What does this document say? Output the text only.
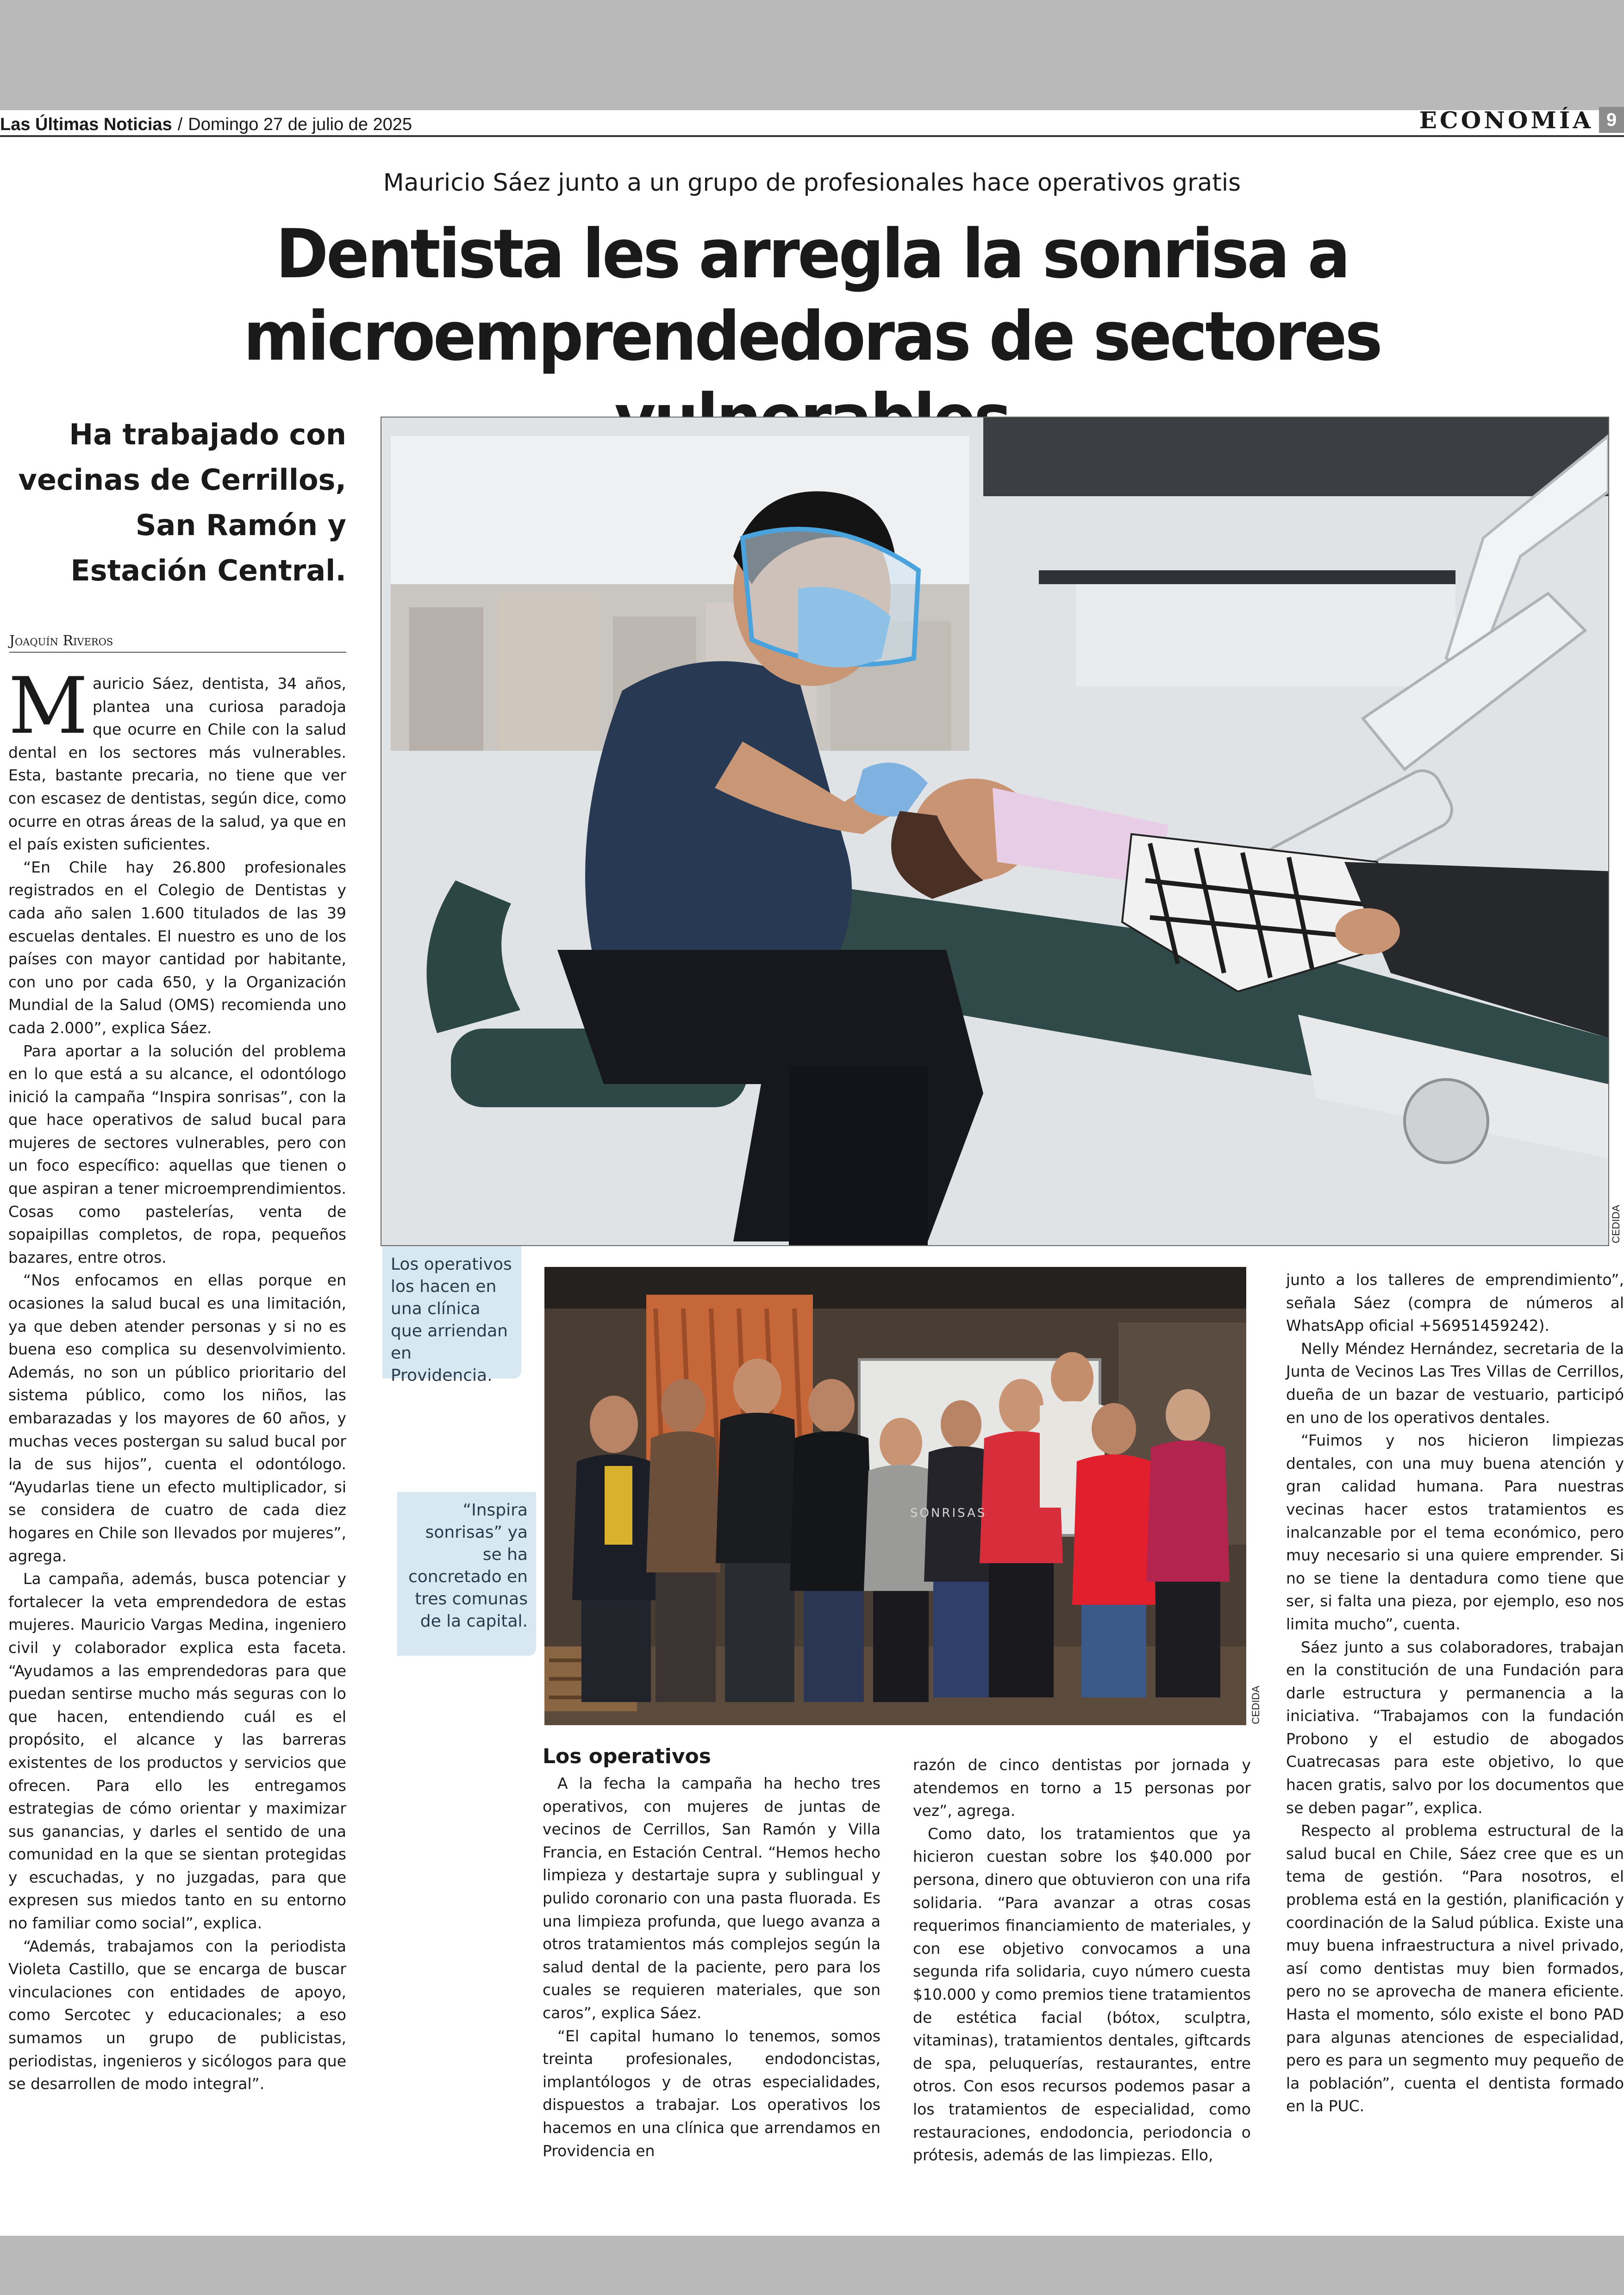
Las Últimas Noticias / Domingo 27 de julio de 2025	ECONOMÍA 9
Mauricio Sáez junto a un grupo de profesionales hace operativos gratis
Dentista les arregla la sonrisa a
microemprendedoras de sectores
Ha trabajado con vecinas de Cerrillos, San Ramón y Estación Central.
Joaquín Riveros

Mauricio Sáez, dentista, 34 años, plantea una curiosa paradoja que ocurre en Chile con la salud dental en los sectores más vulnerables. Esta, bastante precaria, no tiene que ver con escasez de dentistas, según dice, como ocurre en otras áreas de la salud, ya que en el país existen suficientes.

“En Chile hay 26.800 profesionales registrados en el Colegio de Dentistas y cada año salen 1.600 titulados de las 39 escuelas dentales. El nuestro es uno de los países con mayor cantidad por habitante, con uno por cada 650, y la Organización Mundial de la Salud (OMS) recomienda uno cada 2.000”, explica Sáez.

Para aportar a la solución del problema en lo que está a su alcance, el odontólogo inició la campaña “Inspira sonrisas”, con la que hace operativos de salud bucal para mujeres de sectores vulnerables, pero con un foco específico: aquellas que tienen o que aspiran a tener microemprendimientos. Cosas como pastelerías, venta de sopaipillas completos, de ropa, pequeños bazares, entre otros.

“Nos enfocamos en ellas porque en ocasiones la salud bucal es una limitación, ya que deben atender personas y si no es buena eso complica su desenvolvimiento. Además, no son un público prioritario del sistema público, como los niños, las embarazadas y los mayores de 60 años, y muchas veces postergan su salud bucal por la de sus hijos”, cuenta el odontólogo. “Ayudarlas tiene un efecto multiplicador, si se considera de cuatro de cada diez hogares en Chile son llevados por mujeres”, agrega.

La campaña, además, busca potenciar y fortalecer la veta emprendedora de estas mujeres. Mauricio Vargas Medina, ingeniero civil y colaborador explica esta faceta. “Ayudamos a las emprendedoras para que puedan sentirse mucho más seguras con lo que hacen, entendiendo cuál es el propósito, el alcance y las barreras existentes de los productos y servicios que ofrecen. Para ello les entregamos estrategias de cómo orientar y maximizar sus ganancias, y darles el sentido de una comunidad en la que se sientan protegidas y escuchadas, y no juzgadas, para que expresen sus miedos tanto en su entorno no familiar como social”, explica.

“Además, trabajamos con la periodista Violeta Castillo, que se encarga de buscar vinculaciones con entidades de apoyo, como Sercotec y educacionales; a eso sumamos un grupo de publicistas, periodistas, ingenieros y sicólogos para que se desarrollen de modo integral”.

CEDIDA
Los operativos los hacen en una clínica que arriendan en Providencia.
“Inspira sonrisas” ya se ha concretado en tres comunas de la capital.
SONRISAS
CEDIDA
Los operativos

A la fecha la campaña ha hecho tres operativos, con mujeres de juntas de vecinos de Cerrillos, San Ramón y Villa Francia, en Estación Central. “Hemos hecho limpieza y destartaje supra y sublingual y pulido coronario con una pasta fluorada. Es una limpieza profunda, que luego avanza a otros tratamientos más complejos según la salud dental de la paciente, pero para los cuales se requieren materiales, que son caros”, explica Sáez.

“El capital humano lo tenemos, somos treinta profesionales, endodoncistas, implantólogos y de otras especialidades, dispuestos a trabajar. Los operativos los hacemos en una clínica que arrendamos en Providencia en

razón de cinco dentistas por jornada y atendemos en torno a 15 personas por vez”, agrega.

Como dato, los tratamientos que ya hicieron cuestan sobre los $40.000 por persona, dinero que obtuvieron con una rifa solidaria. “Para avanzar a otras cosas requerimos financiamiento de materiales, y con ese objetivo convocamos a una segunda rifa solidaria, cuyo número cuesta $10.000 y como premios tiene tratamientos de estética facial (bótox, sculptra, vitaminas), tratamientos dentales, giftcards de spa, peluquerías, restaurantes, entre otros. Con esos recursos podemos pasar a los tratamientos de especialidad, como restauraciones, endodoncia, periodoncia o prótesis, además de las limpiezas. Ello,

junto a los talleres de emprendimiento”, señala Sáez (compra de números al WhatsApp oficial +56951459242).

Nelly Méndez Hernández, secretaria de la Junta de Vecinos Las Tres Villas de Cerrillos, dueña de un bazar de vestuario, participó en uno de los operativos dentales.

“Fuimos y nos hicieron limpiezas dentales, con una muy buena atención y gran calidad humana. Para nuestras vecinas hacer estos tratamientos es inalcanzable por el tema económico, pero muy necesario si una quiere emprender. Si no se tiene la dentadura como tiene que ser, si falta una pieza, por ejemplo, eso nos limita mucho”, cuenta.

Sáez junto a sus colaboradores, trabajan en la constitución de una Fundación para darle estructura y permanencia a la iniciativa. “Trabajamos con la fundación Probono y el estudio de abogados Cuatrecasas para este objetivo, lo que hacen gratis, salvo por los documentos que se deben pagar”, explica.

Respecto al problema estructural de la salud bucal en Chile, Sáez cree que es un tema de gestión. “Para nosotros, el problema está en la gestión, planificación y coordinación de la Salud pública. Existe una muy buena infraestructura a nivel privado, así como dentistas muy bien formados, pero no se aprovecha de manera eficiente. Hasta el momento, sólo existe el bono PAD para algunas atenciones de especialidad, pero es para un segmento muy pequeño de la población”, cuenta el dentista formado en la PUC.
